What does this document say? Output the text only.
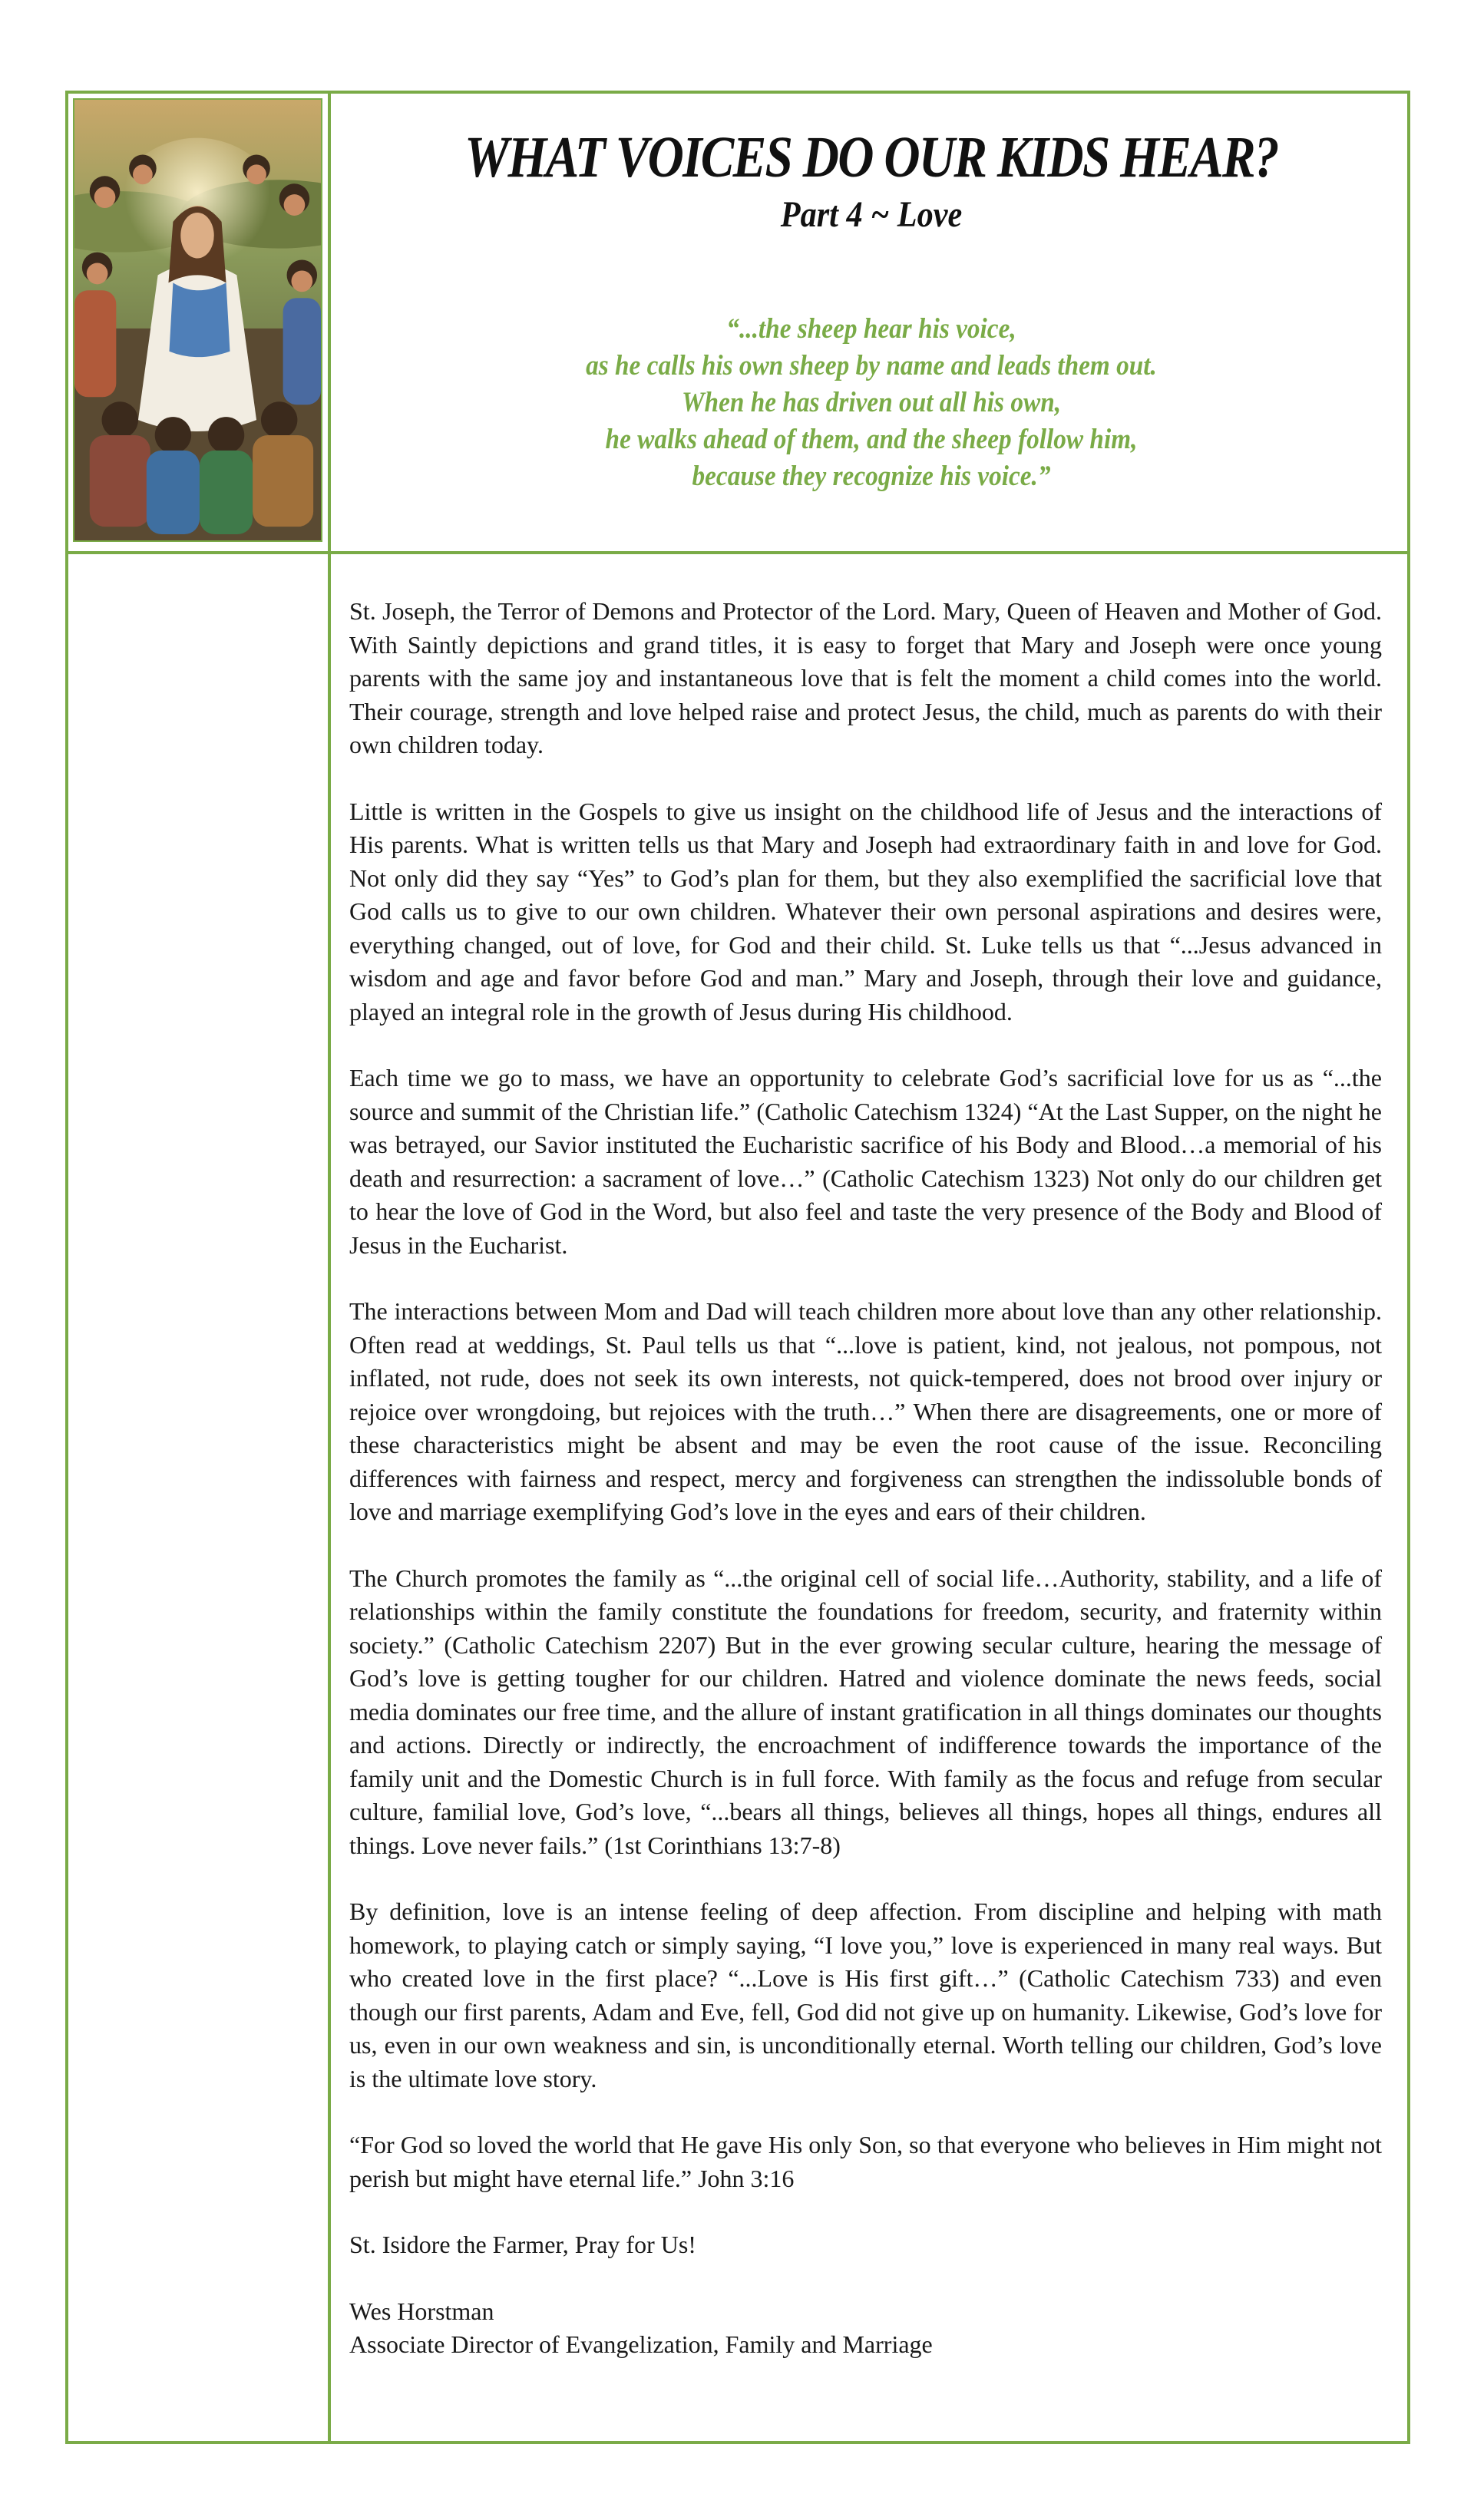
WHAT VOICES DO OUR KIDS HEAR?
Part 4 ~ Love
“...the sheep hear his voice,
as he calls his own sheep by name and leads them out.
When he has driven out all his own,
he walks ahead of them, and the sheep follow him,
because they recognize his voice.”

St. Joseph, the Terror of Demons and Protector of the Lord. Mary, Queen of Heaven and Mother of God. With Saintly depictions and grand titles, it is easy to forget that Mary and Joseph were once young parents with the same joy and instantaneous love that is felt the moment a child comes into the world. Their courage, strength and love helped raise and protect Jesus, the child, much as parents do with their own children today.

Little is written in the Gospels to give us insight on the childhood life of Jesus and the interactions of His parents. What is written tells us that Mary and Joseph had extraordinary faith in and love for God. Not only did they say “Yes” to God’s plan for them, but they also exemplified the sacrificial love that God calls us to give to our own children. Whatever their own personal aspirations and desires were, everything changed, out of love, for God and their child. St. Luke tells us that “...Jesus advanced in wisdom and age and favor before God and man.” Mary and Joseph, through their love and guidance, played an integral role in the growth of Jesus during His childhood.

Each time we go to mass, we have an opportunity to celebrate God’s sacrificial love for us as “...the source and summit of the Christian life.” (Catholic Catechism 1324) “At the Last Supper, on the night he was betrayed, our Savior instituted the Eucharistic sacrifice of his Body and Blood…a memorial of his death and resurrection: a sacrament of love…” (Catholic Catechism 1323) Not only do our children get to hear the love of God in the Word, but also feel and taste the very presence of the Body and Blood of Jesus in the Eucharist.

The interactions between Mom and Dad will teach children more about love than any other relationship. Often read at weddings, St. Paul tells us that “...love is patient, kind, not jealous, not pompous, not inflated, not rude, does not seek its own interests, not quick-tempered, does not brood over injury or rejoice over wrongdoing, but rejoices with the truth…” When there are disagreements, one or more of these characteristics might be absent and may be even the root cause of the issue. Reconciling differences with fairness and respect, mercy and forgiveness can strengthen the indissoluble bonds of love and marriage exemplifying God’s love in the eyes and ears of their children.

The Church promotes the family as “...the original cell of social life…Authority, stability, and a life of relationships within the family constitute the foundations for freedom, security, and fraternity within society.” (Catholic Catechism 2207) But in the ever growing secular culture, hearing the message of God’s love is getting tougher for our children. Hatred and violence dominate the news feeds, social media dominates our free time, and the allure of instant gratification in all things dominates our thoughts and actions. Directly or indirectly, the encroachment of indifference towards the importance of the family unit and the Domestic Church is in full force. With family as the focus and refuge from secular culture, familial love, God’s love, “...bears all things, believes all things, hopes all things, endures all things. Love never fails.” (1st Corinthians 13:7-8)

By definition, love is an intense feeling of deep affection. From discipline and helping with math homework, to playing catch or simply saying, “I love you,” love is experienced in many real ways. But who created love in the first place? “...Love is His first gift…” (Catholic Catechism 733) and even though our first parents, Adam and Eve, fell, God did not give up on humanity. Likewise, God’s love for us, even in our own weakness and sin, is unconditionally eternal. Worth telling our children, God’s love is the ultimate love story.

“For God so loved the world that He gave His only Son, so that everyone who believes in Him might not perish but might have eternal life.” John 3:16

St. Isidore the Farmer, Pray for Us!

Wes Horstman

Associate Director of Evangelization, Family and Marriage
